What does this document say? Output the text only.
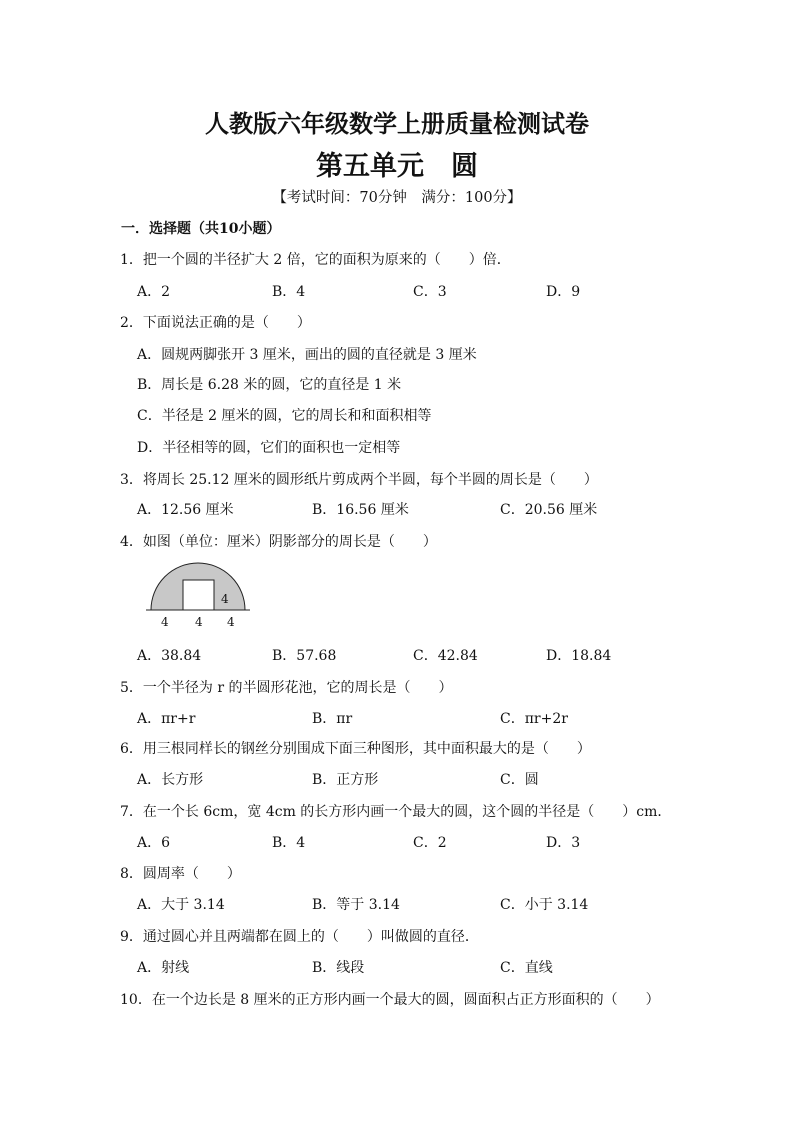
人教版六年级数学上册质量检测试卷
第五单元　圆
【考试时间：70分钟　满分：100分】
一．选择题（共10小题）
1．把一个圆的半径扩大 2 倍，它的面积为原来的（　　）倍．
A．2	B．4	C．3	D．9
2．下面说法正确的是（　　）
A．圆规两脚张开 3 厘米，画出的圆的直径就是 3 厘米
B．周长是 6.28 米的圆，它的直径是 1 米
C．半径是 2 厘米的圆，它的周长和和面积相等
D．半径相等的圆，它们的面积也一定相等
3．将周长 25.12 厘米的圆形纸片剪成两个半圆，每个半圆的周长是（　　）
A．12.56 厘米	B．16.56 厘米	C．20.56 厘米
4．如图（单位：厘米）阴影部分的周长是（　　）
4
4 4 4
A．38.84	B．57.68	C．42.84	D．18.84
5．一个半径为 r 的半圆形花池，它的周长是（　　）
A．πr+r	B．πr	C．πr+2r
6．用三根同样长的钢丝分别围成下面三种图形，其中面积最大的是（　　）
A．长方形	B．正方形	C．圆
7．在一个长 6cm，宽 4cm 的长方形内画一个最大的圆，这个圆的半径是（　　）cm．
A．6	B．4	C．2	D．3
8．圆周率（　　）
A．大于 3.14	B．等于 3.14	C．小于 3.14
9．通过圆心并且两端都在圆上的（　　）叫做圆的直径．
A．射线	B．线段	C．直线
10．在一个边长是 8 厘米的正方形内画一个最大的圆，圆面积占正方形面积的（　　）
